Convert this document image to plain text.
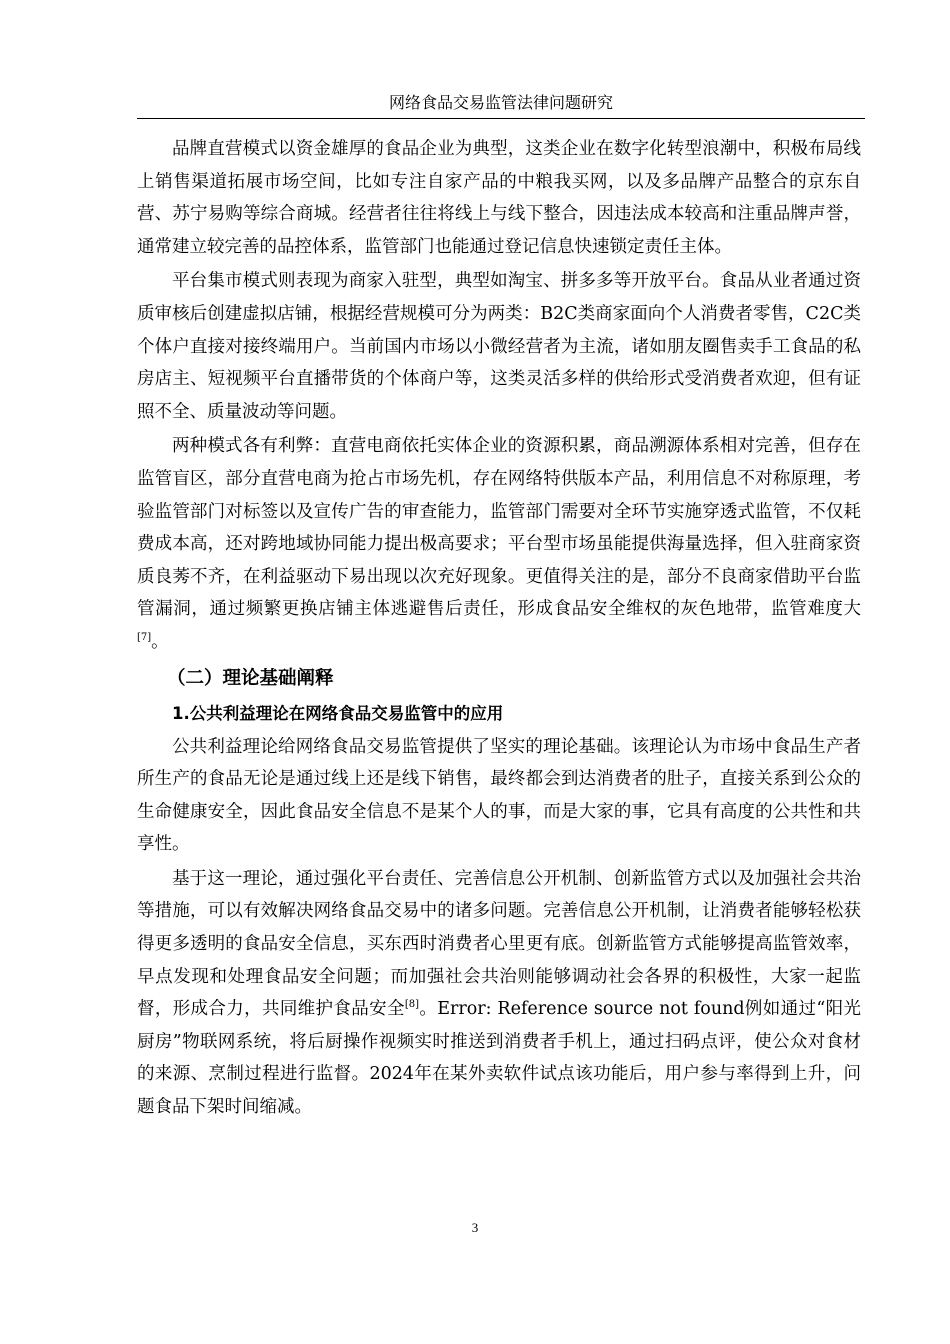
网络食品交易监管法律问题研究

品牌直营模式以资金雄厚的食品企业为典型，这类企业在数字化转型浪潮中，积极布局线上销售渠道拓展市场空间，比如专注自家产品的中粮我买网，以及多品牌产品整合的京东自营、苏宁易购等综合商城。经营者往往将线上与线下整合，因违法成本较高和注重品牌声誉，通常建立较完善的品控体系，监管部门也能通过登记信息快速锁定责任主体。

平台集市模式则表现为商家入驻型，典型如淘宝、拼多多等开放平台。食品从业者通过资质审核后创建虚拟店铺，根据经营规模可分为两类：B2C类商家面向个人消费者零售，C2C类个体户直接对接终端用户。当前国内市场以小微经营者为主流，诸如朋友圈售卖手工食品的私房店主、短视频平台直播带货的个体商户等，这类灵活多样的供给形式受消费者欢迎，但有证照不全、质量波动等问题。

两种模式各有利弊：直营电商依托实体企业的资源积累，商品溯源体系相对完善，但存在监管盲区，部分直营电商为抢占市场先机，存在网络特供版本产品，利用信息不对称原理，考验监管部门对标签以及宣传广告的审查能力，监管部门需要对全环节实施穿透式监管，不仅耗费成本高，还对跨地域协同能力提出极高要求；平台型市场虽能提供海量选择，但入驻商家资质良莠不齐，在利益驱动下易出现以次充好现象。更值得关注的是，部分不良商家借助平台监管漏洞，通过频繁更换店铺主体逃避售后责任，形成食品安全维权的灰色地带，监管难度大[7]。

（二）理论基础阐释
1.公共利益理论在网络食品交易监管中的应用

公共利益理论给网络食品交易监管提供了坚实的理论基础。该理论认为市场中食品生产者所生产的食品无论是通过线上还是线下销售，最终都会到达消费者的肚子，直接关系到公众的生命健康安全，因此食品安全信息不是某个人的事，而是大家的事，它具有高度的公共性和共享性。

基于这一理论，通过强化平台责任、完善信息公开机制、创新监管方式以及加强社会共治等措施，可以有效解决网络食品交易中的诸多问题。完善信息公开机制，让消费者能够轻松获得更多透明的食品安全信息，买东西时消费者心里更有底。创新监管方式能够提高监管效率，早点发现和处理食品安全问题；而加强社会共治则能够调动社会各界的积极性，大家一起监督，形成合力，共同维护食品安全[8]。Error: Reference source not found例如通过“阳光厨房”物联网系统，将后厨操作视频实时推送到消费者手机上，通过扫码点评，使公众对食材的来源、烹制过程进行监督。2024年在某外卖软件试点该功能后，用户参与率得到上升，问题食品下架时间缩减。

3
